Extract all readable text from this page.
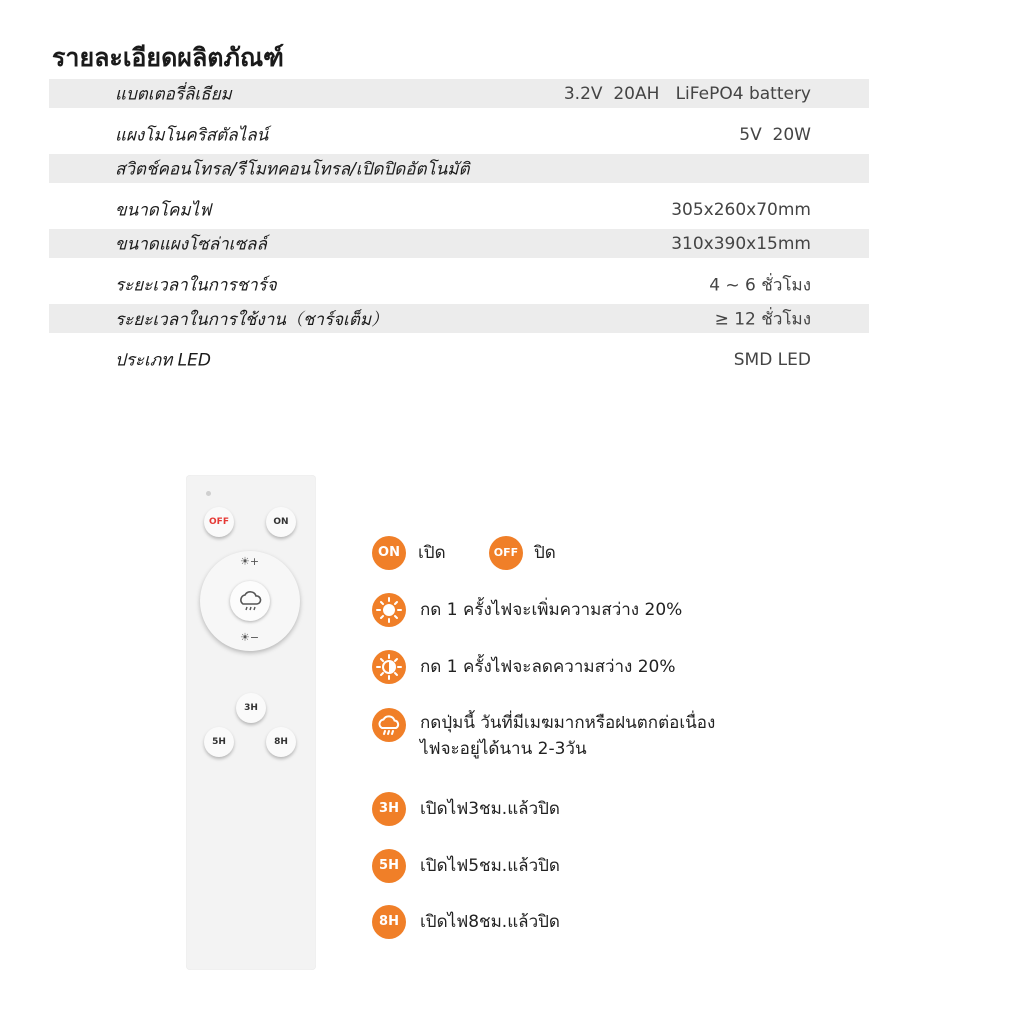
รายละเอียดผลิตภัณฑ์
แบตเตอรี่ลิเธียม	3.2V  20AH   LiFePO4 battery
แผงโมโนคริสตัลไลน์	5V  20W
สวิตช์คอนโทรล/รีโมทคอนโทรล/เปิดปิดอัตโนมัติ
ขนาดโคมไฟ	305x260x70mm
ขนาดแผงโซล่าเซลล์	310x390x15mm
ระยะเวลาในการชาร์จ	4 ~ 6 ชั่วโมง
ระยะเวลาในการใช้งาน（ชาร์จเต็ม）	≥ 12 ชั่วโมง
ประเภท LED	SMD LED
OFF	ON
☀+
☀−
3H
5H	8H
ON	เปิด	OFF ปิด
กด 1 ครั้งไฟจะเพิ่มความสว่าง 20%
กด 1 ครั้งไฟจะลดความสว่าง 20%
กดปุ่มนี้ วันที่มีเมฆมากหรือฝนตกต่อเนื่อง
ไฟจะอยู่ได้นาน 2-3วัน
3H	เปิดไฟ3ชม.แล้วปิด
5H	เปิดไฟ5ชม.แล้วปิด
8H	เปิดไฟ8ชม.แล้วปิด
